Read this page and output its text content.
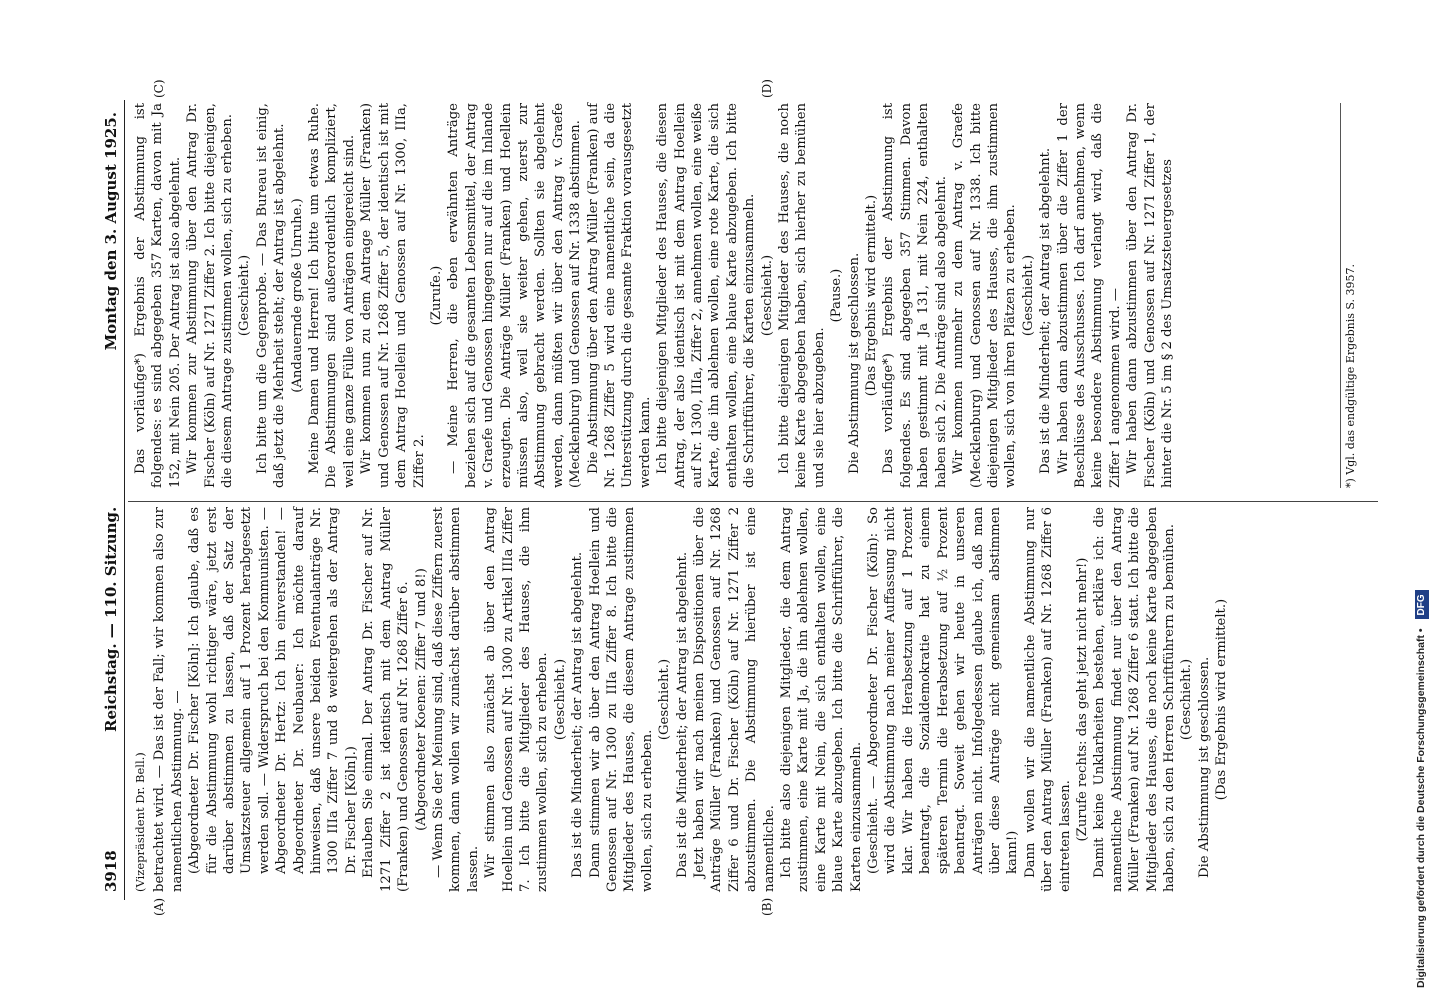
3918
Reichstag. — 110. Sitzung.
Montag den 3. August 1925.
(A)	(B)
(C)	(D)
(Vizepräsident Dr. Bell.) betrachtet wird. — Das ist der Fall; wir kommen also zur namentlichen Abstimmung. — (Abgeordneter Dr. Fischer [Köln]: Ich glaube, daß es für die Abstimmung wohl richtiger wäre, jetzt erst darüber abstimmen zu lassen, daß der Satz der Umsatzsteuer allgemein auf 1 Prozent herabgesetzt werden soll. — Widerspruch bei den Kommunisten. — Abgeordneter Dr. Hertz: Ich bin einverstanden! — Abgeordneter Dr. Neubauer: Ich möchte darauf hinweisen, daß unsere beiden Eventualanträge Nr. 1300 IIIa Ziffer 7 und 8 weitergehen als der Antrag Dr. Fischer [Köln].) Erlauben Sie einmal. Der Antrag Dr. Fischer auf Nr. 1271 Ziffer 2 ist identisch mit dem Antrag Müller (Franken) und Genossen auf Nr. 1268 Ziffer 6. (Abgeordneter Koenen: Ziffer 7 und 8!) — Wenn Sie der Meinung sind, daß diese Ziffern zuerst kommen, dann wollen wir zunächst darüber abstimmen lassen. Wir stimmen also zunächst ab über den Antrag Hoellein und Genossen auf Nr. 1300 zu Artikel IIIa Ziffer 7. Ich bitte die Mitglieder des Hauses, die ihm zustimmen wollen, sich zu erheben. (Geschieht.) Das ist die Minderheit; der Antrag ist abgelehnt. Dann stimmen wir ab über den Antrag Hoellein und Genossen auf Nr. 1300 zu IIIa Ziffer 8. Ich bitte die Mitglieder des Hauses, die diesem Antrage zustimmen wollen, sich zu erheben.

(Geschieht.) Das ist die Minderheit; der Antrag ist abgelehnt. Jetzt haben wir nach meinen Dispositionen über die Anträge Müller (Franken) und Genossen auf Nr. 1268 Ziffer 6 und Dr. Fischer (Köln) auf Nr. 1271 Ziffer 2 abzustimmen. Die Abstimmung hierüber ist eine namentliche. Ich bitte also diejenigen Mitglieder, die dem Antrag zustimmen, eine Karte mit Ja, die ihn ablehnen wollen, eine Karte mit Nein, die sich enthalten wollen, eine blaue Karte abzugeben. Ich bitte die Schriftführer, die Karten einzusammeln. (Geschieht. — Abgeordneter Dr. Fischer (Köln): So wird die Abstimmung nach meiner Auffassung nicht klar. Wir haben die Herabsetzung auf 1 Prozent beantragt, die Sozialdemokratie hat zu einem späteren Termin die Herabsetzung auf ½ Prozent beantragt. Soweit gehen wir heute in unseren Anträgen nicht. Infolgedessen glaube ich, daß man über diese Anträge nicht gemeinsam abstimmen kann!) Dann wollen wir die namentliche Abstimmung nur über den Antrag Müller (Franken) auf Nr. 1268 Ziffer 6 eintreten lassen. (Zurufe rechts: das geht jetzt nicht mehr!) Damit keine Unklarheiten bestehen, erkläre ich: die namentliche Abstimmung findet nur über den Antrag Müller (Franken) auf Nr. 1268 Ziffer 6 statt. Ich bitte die Mitglieder des Hauses, die noch keine Karte abgegeben haben, sich zu den Herren Schriftführern zu bemühen. (Geschieht.) Die Abstimmung ist geschlossen. (Das Ergebnis wird ermittelt.)

Das vorläufige*) Ergebnis der Abstimmung ist folgendes: es sind abgegeben 357 Karten, davon mit Ja 152, mit Nein 205. Der Antrag ist also abgelehnt. Wir kommen zur Abstimmung über den Antrag Dr. Fischer (Köln) auf Nr. 1271 Ziffer 2. Ich bitte diejenigen, die diesem Antrage zustimmen wollen, sich zu erheben. (Geschieht.) Ich bitte um die Gegenprobe. — Das Bureau ist einig, daß jetzt die Mehrheit steht; der Antrag ist abgelehnt. (Andauernde große Unruhe.) Meine Damen und Herren! Ich bitte um etwas Ruhe. Die Abstimmungen sind außerordentlich kompliziert, weil eine ganze Fülle von Anträgen eingereicht sind. Wir kommen nun zu dem Antrage Müller (Franken) und Genossen auf Nr. 1268 Ziffer 5, der identisch ist mit dem Antrag Hoellein und Genossen auf Nr. 1300, IIIa, Ziffer 2.

(Zurufe.) — Meine Herren, die eben erwähnten Anträge beziehen sich auf die gesamten Lebensmittel, der Antrag v. Graefe und Genossen hingegen nur auf die im Inlande erzeugten. Die Anträge Müller (Franken) und Hoellein müssen also, weil sie weiter gehen, zuerst zur Abstimmung gebracht werden. Sollten sie abgelehnt werden, dann müßten wir über den Antrag v. Graefe (Mecklenburg) und Genossen auf Nr. 1338 abstimmen. Die Abstimmung über den Antrag Müller (Franken) auf Nr. 1268 Ziffer 5 wird eine namentliche sein, da die Unterstützung durch die gesamte Fraktion vorausgesetzt werden kann. Ich bitte diejenigen Mitglieder des Hauses, die diesen Antrag, der also identisch ist mit dem Antrag Hoellein auf Nr. 1300, IIIa, Ziffer 2, annehmen wollen, eine weiße Karte, die ihn ablehnen wollen, eine rote Karte, die sich enthalten wollen, eine blaue Karte abzugeben. Ich bitte die Schriftführer, die Karten einzusammeln. (Geschieht.) Ich bitte diejenigen Mitglieder des Hauses, die noch keine Karte abgegeben haben, sich hierher zu bemühen und sie hier abzugeben.

(Pause.) Die Abstimmung ist geschlossen. (Das Ergebnis wird ermittelt.) Das vorläufige*) Ergebnis der Abstimmung ist folgendes. Es sind abgegeben 357 Stimmen. Davon haben gestimmt mit Ja 131, mit Nein 224, enthalten haben sich 2. Die Anträge sind also abgelehnt. Wir kommen nunmehr zu dem Antrag v. Graefe (Mecklenburg) und Genossen auf Nr. 1338. Ich bitte diejenigen Mitglieder des Hauses, die ihm zustimmen wollen, sich von ihren Plätzen zu erheben. (Geschieht.) Das ist die Minderheit; der Antrag ist abgelehnt. Wir haben dann abzustimmen über die Ziffer 1 der Beschlüsse des Ausschusses. Ich darf annehmen, wenn keine besondere Abstimmung verlangt wird, daß die Ziffer 1 angenommen wird. — Wir haben dann abzustimmen über den Antrag Dr. Fischer (Köln) und Genossen auf Nr. 1271 Ziffer 1, der hinter die Nr. 5 im § 2 des Umsatzsteuergesetzes	*) Vgl. das endgültige Ergebnis S. 3957.
Digitalisierung gefördert durch die Deutsche Forschungsgemeinschaft • DFG
